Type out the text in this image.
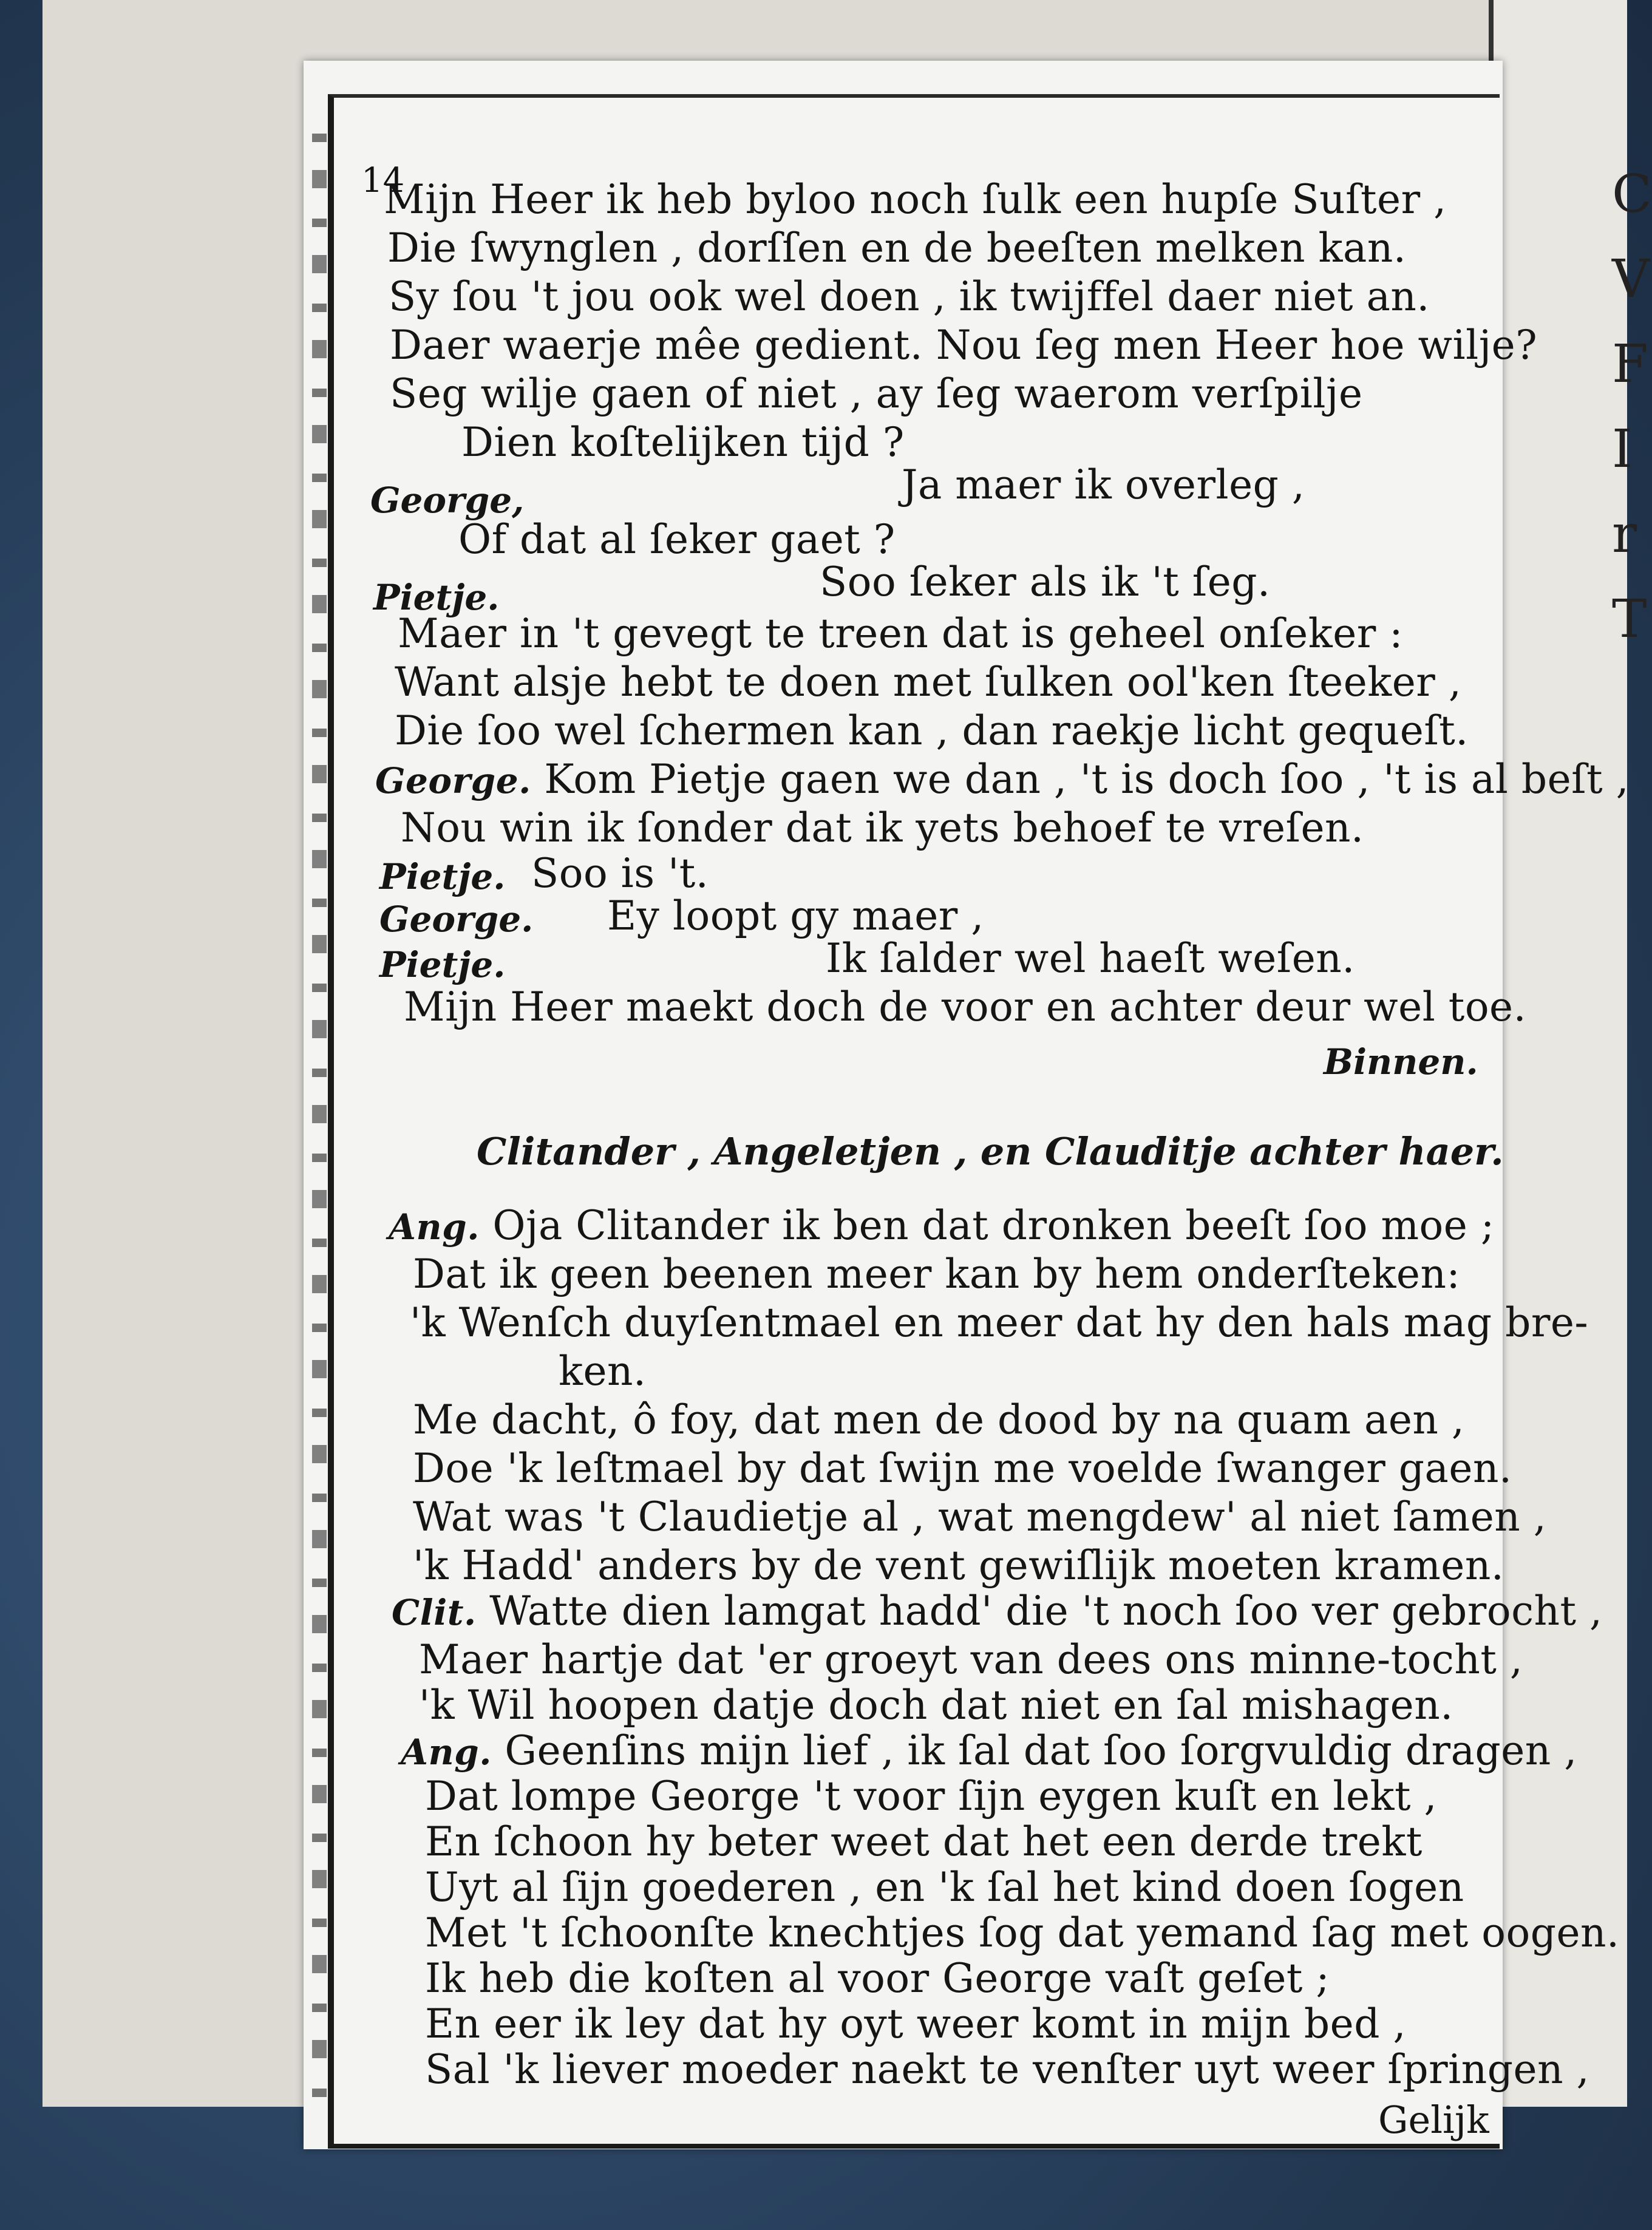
C
V
F
I
r
T
14
Mijn Heer ik heb byloo noch ſulk een hupſe Suſter ,
Die ſwynglen , dorſſen en de beeſten melken kan.
Sy ſou 't jou ook wel doen , ik twijffel daer niet an.
Daer waerje mêe gedient. Nou ſeg men Heer hoe wilje?
Seg wilje gaen of niet , ay ſeg waerom verſpilje
Dien koſtelijken tijd ?
George,	Ja maer ik overleg ,
Of dat al ſeker gaet ?
Pietje.	Soo ſeker als ik 't ſeg.
Maer in 't gevegt te treen dat is geheel onſeker :
Want alsje hebt te doen met ſulken ool'ken ſteeker ,
Die ſoo wel ſchermen kan , dan raekje licht gequeſt.
George. Kom Pietje gaen we dan , 't is doch ſoo , 't is al beſt ,
Nou win ik ſonder dat ik yets behoef te vreſen.
Pietje. Soo is 't.
George. Ey loopt gy maer ,
Pietje.	Ik ſalder wel haeſt weſen.
Mijn Heer maekt doch de voor en achter deur wel toe.
Binnen.
Clitander , Angeletjen , en Clauditje achter haer.
Ang. Oja Clitander ik ben dat dronken beeſt ſoo moe ;
Dat ik geen beenen meer kan by hem onderſteken:
'k Wenſch duyſentmael en meer dat hy den hals mag bre-
ken.
Me dacht, ô foy, dat men de dood by na quam aen ,
Doe 'k leſtmael by dat ſwijn me voelde ſwanger gaen.
Wat was 't Claudietje al , wat mengdew' al niet ſamen ,
'k Hadd' anders by de vent gewiſlijk moeten kramen.
Clit. Watte dien lamgat hadd' die 't noch ſoo ver gebrocht ,
Maer hartje dat 'er groeyt van dees ons minne-tocht ,
'k Wil hoopen datje doch dat niet en ſal mishagen.
Ang. Geenſins mijn lief , ik ſal dat ſoo ſorgvuldig dragen ,
Dat lompe George 't voor ſijn eygen kuſt en lekt ,
En ſchoon hy beter weet dat het een derde trekt
Uyt al ſijn goederen , en 'k ſal het kind doen ſogen
Met 't ſchoonſte knechtjes ſog dat yemand ſag met oogen.
Ik heb die koſten al voor George vaſt geſet ;
En eer ik ley dat hy oyt weer komt in mijn bed ,
Sal 'k liever moeder naekt te venſter uyt weer ſpringen ,
Gelijk
